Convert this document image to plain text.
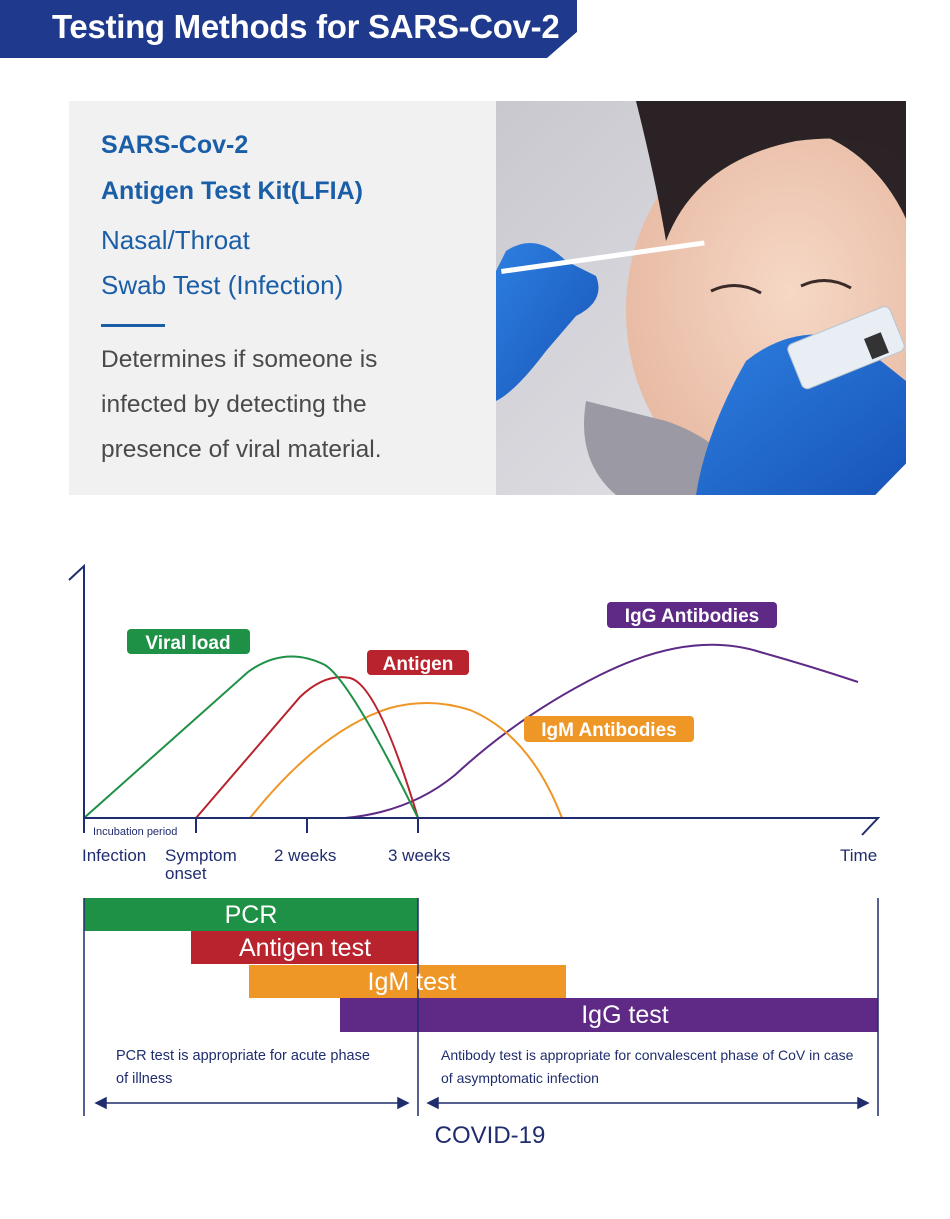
Testing Methods for SARS-Cov-2

SARS-Cov-2

Antigen Test Kit(LFIA)

Nasal/Throat

Swab Test (Infection)

Determines if someone is infected by detecting the presence of viral material.

Incubation period
Infection Symptom
onset
2 weeks	3 weeks	Time
Viral load
Antigen
IgG Antibodies
IgM Antibodies
PCR
Antigen test
IgM test
IgG test
PCR test is appropriate for acute phase
of illness
Antibody test is appropriate for convalescent phase of CoV in case
of asymptomatic infection
COVID-19
